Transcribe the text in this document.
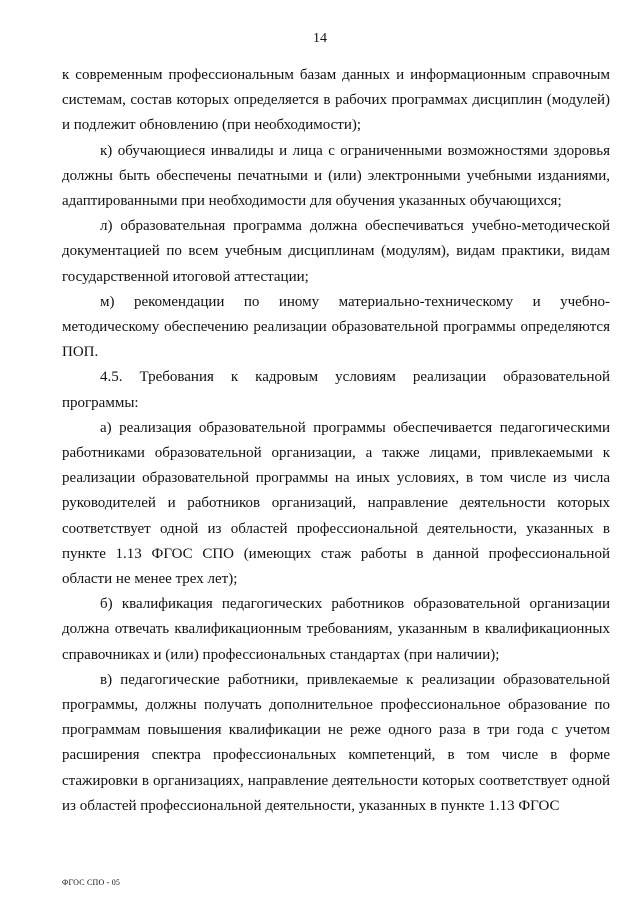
14

к современным профессиональным базам данных и информационным справочным системам, состав которых определяется в рабочих программах дисциплин (модулей) и подлежит обновлению (при необходимости);

к) обучающиеся инвалиды и лица с ограниченными возможностями здоровья должны быть обеспечены печатными и (или) электронными учебными изданиями, адаптированными при необходимости для обучения указанных обучающихся;

л) образовательная программа должна обеспечиваться учебно-методической документацией по всем учебным дисциплинам (модулям), видам практики, видам государственной итоговой аттестации;

м) рекомендации по иному материально-техническому и учебно-

методическому обеспечению реализации образовательной программы определяются ПОП.

4.5. Требования к кадровым условиям реализации образовательной

программы:

а) реализация образовательной программы обеспечивается педагогическими работниками образовательной организации, а также лицами, привлекаемыми к реализации образовательной программы на иных условиях, в том числе из числа руководителей и работников организаций, направление деятельности которых соответствует одной из областей профессиональной деятельности, указанных в пункте 1.13 ФГОС СПО (имеющих стаж работы в данной профессиональной области не менее трех лет);

б) квалификация педагогических работников образовательной организации должна отвечать квалификационным требованиям, указанным в квалификационных справочниках и (или) профессиональных стандартах (при наличии);

в) педагогические работники, привлекаемые к реализации образовательной программы, должны получать дополнительное профессиональное образование по программам повышения квалификации не реже одного раза в три года с учетом расширения спектра профессиональных компетенций, в том числе в форме стажировки в организациях, направление деятельности которых соответствует одной из областей профессиональной деятельности, указанных в пункте 1.13 ФГОС

ФГОС СПО - 05
